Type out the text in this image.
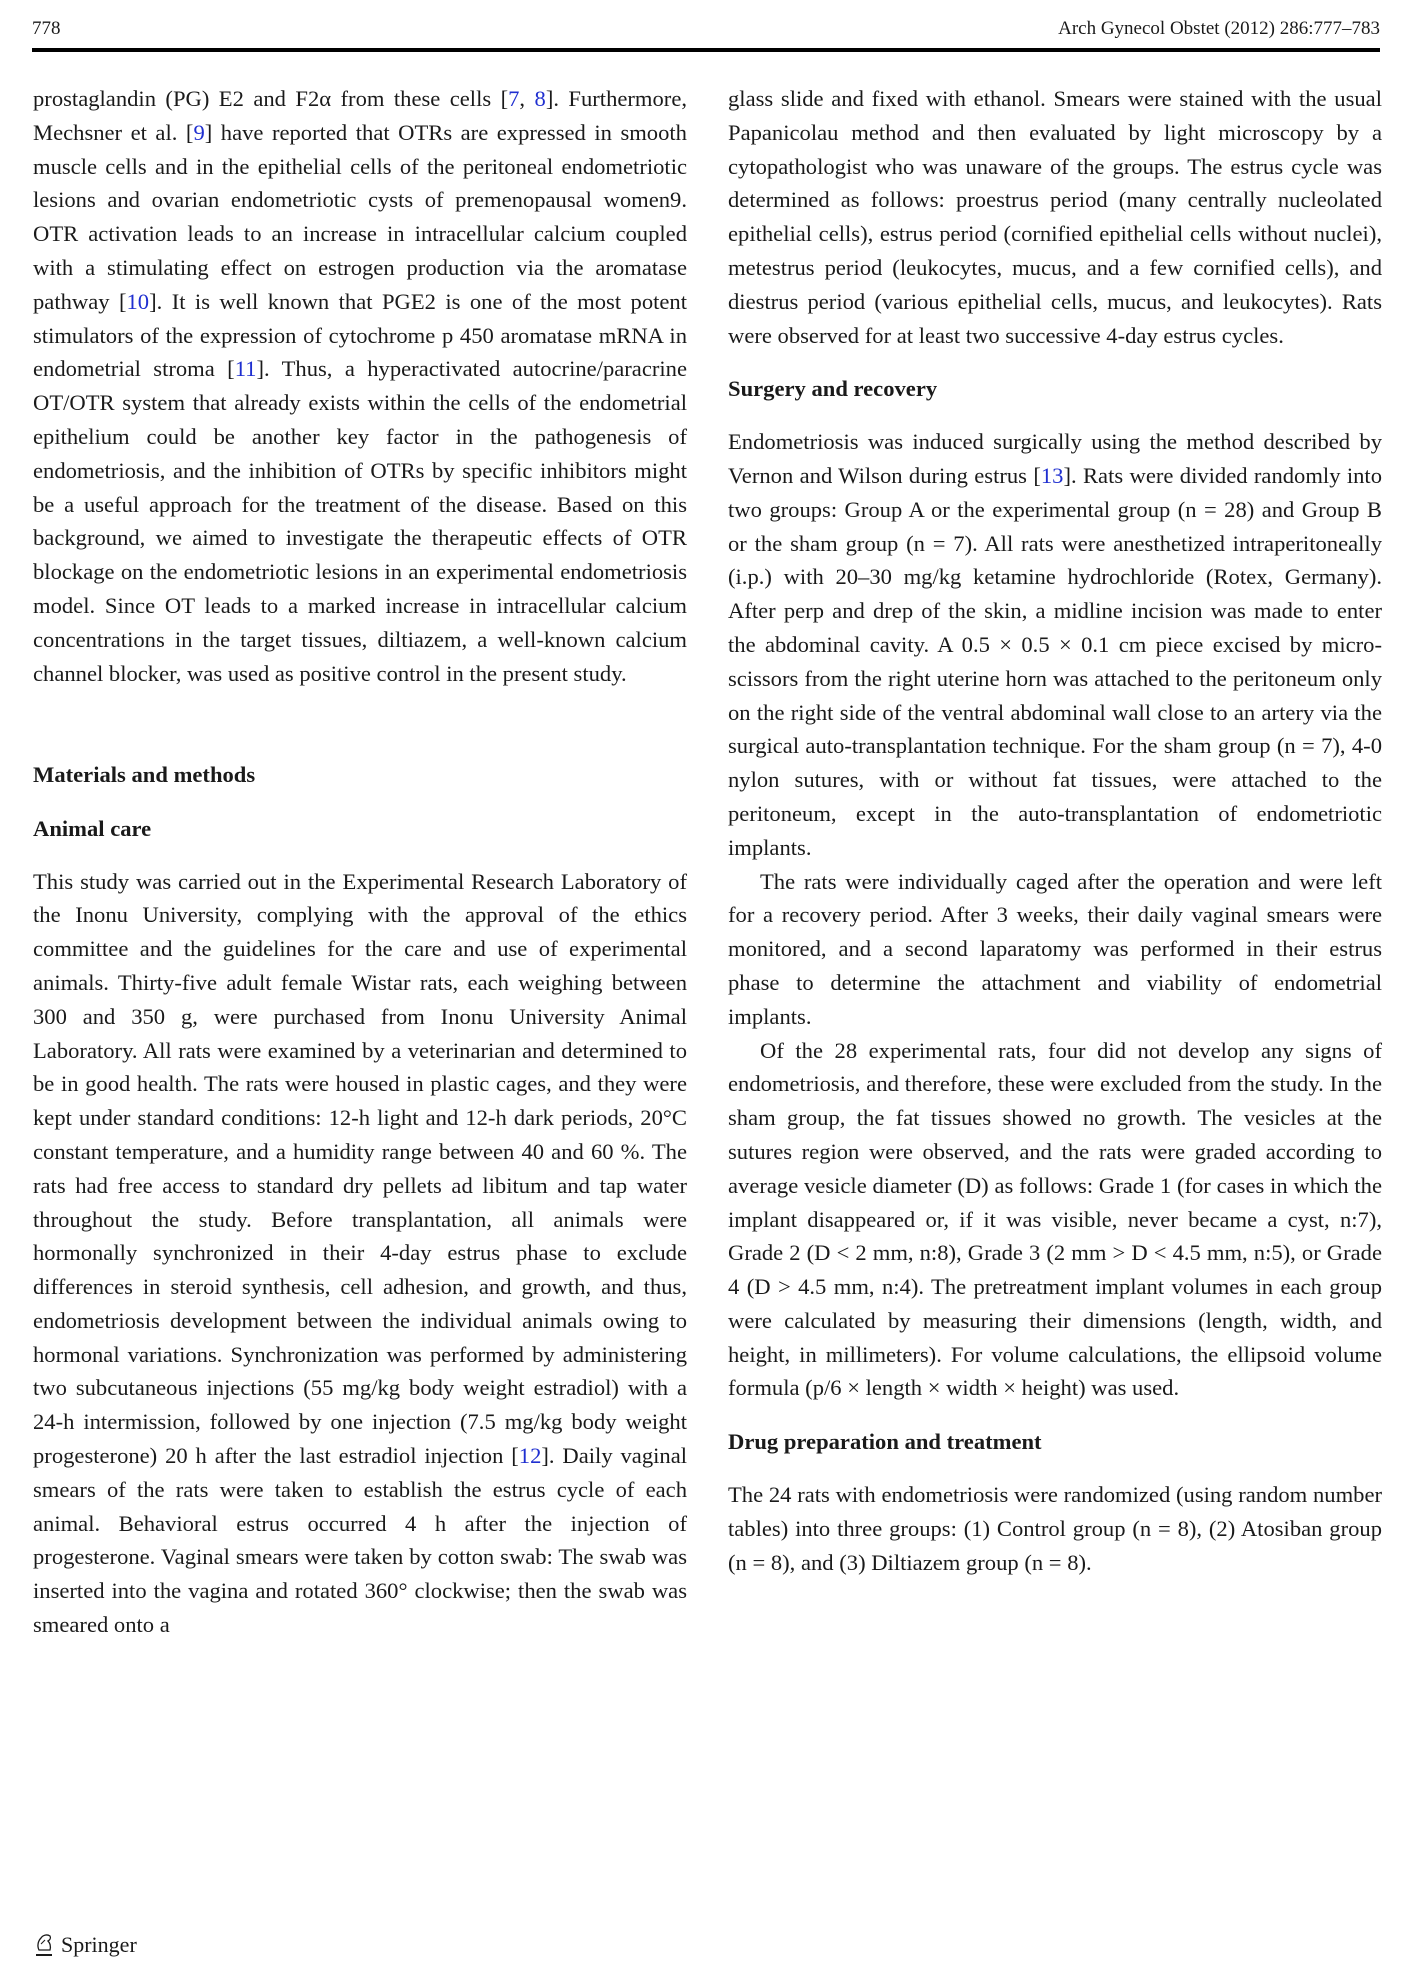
778	Arch Gynecol Obstet (2012) 286:777–783

prostaglandin (PG) E2 and F2α from these cells [7, 8]. Furthermore, Mechsner et al. [9] have reported that OTRs are expressed in smooth muscle cells and in the epithelial cells of the peritoneal endometriotic lesions and ovarian endometriotic cysts of premenopausal women9. OTR activation leads to an increase in intracellular calcium coupled with a stimulating effect on estrogen production via the aromatase pathway [10]. It is well known that PGE2 is one of the most potent stimulators of the expression of cytochrome p 450 aromatase mRNA in endometrial stroma [11]. Thus, a hyperactivated autocrine/paracrine OT/OTR system that already exists within the cells of the endometrial epithelium could be another key factor in the pathogenesis of endometriosis, and the inhibition of OTRs by specific inhibitors might be a useful approach for the treatment of the disease. Based on this background, we aimed to investigate the therapeutic effects of OTR blockage on the endometriotic lesions in an experimental endometriosis model. Since OT leads to a marked increase in intracellular calcium concentrations in the target tissues, diltiazem, a well-known calcium channel blocker, was used as positive control in the present study.

Materials and methods
Animal care

This study was carried out in the Experimental Research Laboratory of the Inonu University, complying with the approval of the ethics committee and the guidelines for the care and use of experimental animals. Thirty-five adult female Wistar rats, each weighing between 300 and 350 g, were purchased from Inonu University Animal Laboratory. All rats were examined by a veterinarian and determined to be in good health. The rats were housed in plastic cages, and they were kept under standard conditions: 12-h light and 12-h dark periods, 20°C constant temperature, and a humidity range between 40 and 60 %. The rats had free access to standard dry pellets ad libitum and tap water throughout the study. Before transplantation, all animals were hormonally synchronized in their 4-day estrus phase to exclude differences in steroid synthesis, cell adhesion, and growth, and thus, endometriosis development between the individual animals owing to hormonal variations. Synchronization was performed by administering two subcutaneous injections (55 mg/kg body weight estradiol) with a 24-h intermission, followed by one injection (7.5 mg/kg body weight progesterone) 20 h after the last estradiol injection [12]. Daily vaginal smears of the rats were taken to establish the estrus cycle of each animal. Behavioral estrus occurred 4 h after the injection of progesterone. Vaginal smears were taken by cotton swab: The swab was inserted into the vagina and rotated 360° clockwise; then the swab was smeared onto a

glass slide and fixed with ethanol. Smears were stained with the usual Papanicolau method and then evaluated by light microscopy by a cytopathologist who was unaware of the groups. The estrus cycle was determined as follows: proestrus period (many centrally nucleolated epithelial cells), estrus period (cornified epithelial cells without nuclei), metestrus period (leukocytes, mucus, and a few cornified cells), and diestrus period (various epithelial cells, mucus, and leukocytes). Rats were observed for at least two successive 4-day estrus cycles.

Surgery and recovery

Endometriosis was induced surgically using the method described by Vernon and Wilson during estrus [13]. Rats were divided randomly into two groups: Group A or the experimental group (n = 28) and Group B or the sham group (n = 7). All rats were anesthetized intraperitoneally (i.p.) with 20–30 mg/kg ketamine hydrochloride (Rotex, Germany). After perp and drep of the skin, a midline incision was made to enter the abdominal cavity. A 0.5 × 0.5 × 0.1 cm piece excised by micro-scissors from the right uterine horn was attached to the peritoneum only on the right side of the ventral abdominal wall close to an artery via the surgical auto-transplantation technique. For the sham group (n = 7), 4-0 nylon sutures, with or without fat tissues, were attached to the peritoneum, except in the auto-transplantation of endometriotic implants.

The rats were individually caged after the operation and were left for a recovery period. After 3 weeks, their daily vaginal smears were monitored, and a second laparatomy was performed in their estrus phase to determine the attachment and viability of endometrial implants.

Of the 28 experimental rats, four did not develop any signs of endometriosis, and therefore, these were excluded from the study. In the sham group, the fat tissues showed no growth. The vesicles at the sutures region were observed, and the rats were graded according to average vesicle diameter (D) as follows: Grade 1 (for cases in which the implant disappeared or, if it was visible, never became a cyst, n:7), Grade 2 (D < 2 mm, n:8), Grade 3 (2 mm > D < 4.5 mm, n:5), or Grade 4 (D > 4.5 mm, n:4). The pretreatment implant volumes in each group were calculated by measuring their dimensions (length, width, and height, in millimeters). For volume calculations, the ellipsoid volume formula (p/6 × length × width × height) was used.

Drug preparation and treatment

The 24 rats with endometriosis were randomized (using random number tables) into three groups: (1) Control group (n = 8), (2) Atosiban group (n = 8), and (3) Diltiazem group (n = 8).

Springer
